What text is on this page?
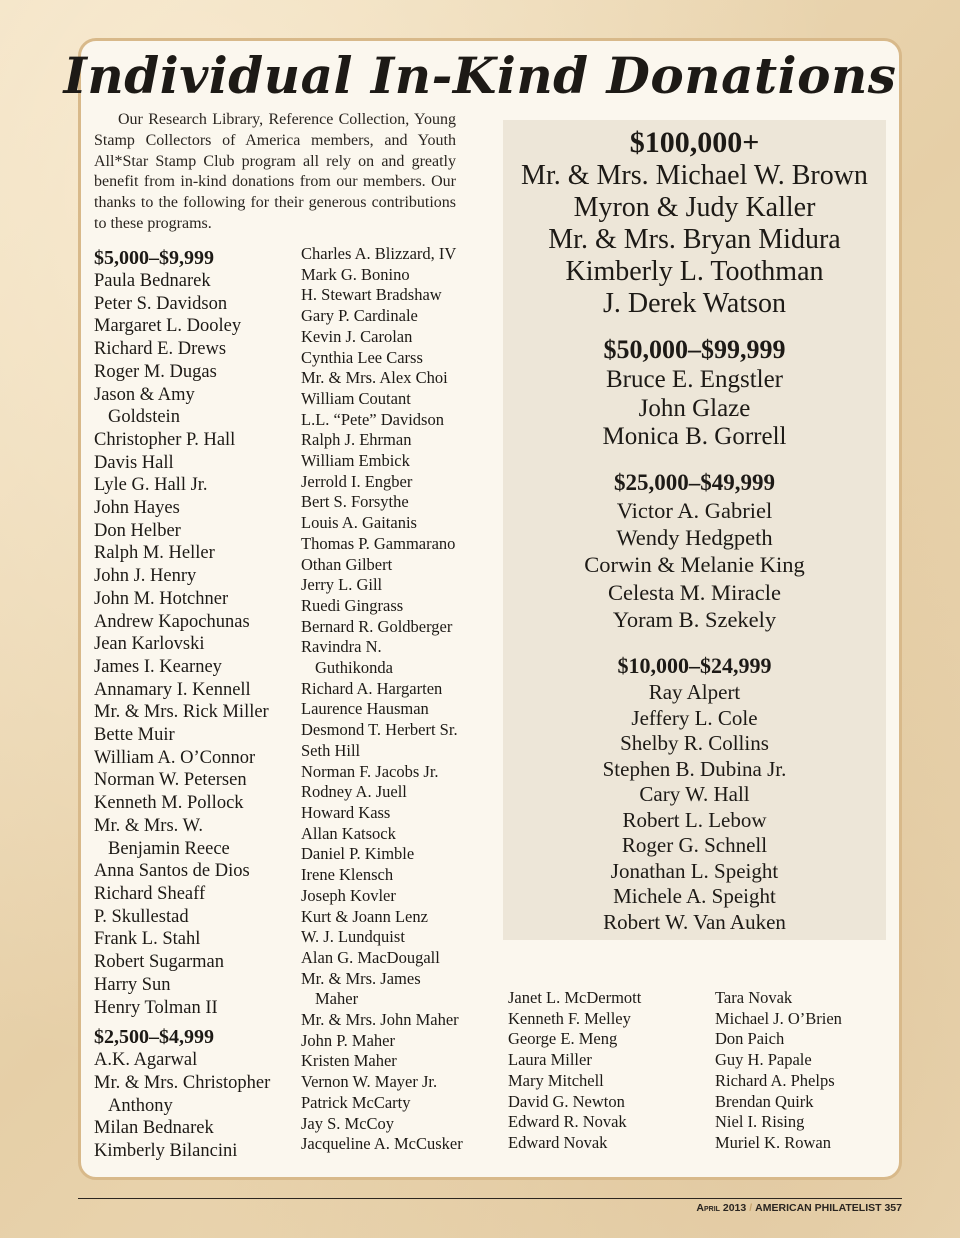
Individual In-Kind Donations

Our Research Library, Reference Collection, Young Stamp Collectors of America members, and Youth All*Star Stamp Club program all rely on and greatly benefit from in-kind donations from our members. Our thanks to the following for their generous contributions to these programs.

$5,000–$9,999
Paula Bednarek
Peter S. Davidson
Margaret L. Dooley
Richard E. Drews
Roger M. Dugas
Jason & Amy
Goldstein
Christopher P. Hall
Davis Hall
Lyle G. Hall Jr.
John Hayes
Don Helber
Ralph M. Heller
John J. Henry
John M. Hotchner
Andrew Kapochunas
Jean Karlovski
James I. Kearney
Annamary I. Kennell
Mr. & Mrs. Rick Miller
Bette Muir
William A. O’Connor
Norman W. Petersen
Kenneth M. Pollock
Mr. & Mrs. W.
Benjamin Reece
Anna Santos de Dios
Richard Sheaff
P. Skullestad
Frank L. Stahl
Robert Sugarman
Harry Sun
Henry Tolman II
$2,500–$4,999
A.K. Agarwal
Mr. & Mrs. Christopher
Anthony
Milan Bednarek
Kimberly Bilancini
Charles A. Blizzard, IV
Mark G. Bonino
H. Stewart Bradshaw
Gary P. Cardinale
Kevin J. Carolan
Cynthia Lee Carss
Mr. & Mrs. Alex Choi
William Coutant
L.L. “Pete” Davidson
Ralph J. Ehrman
William Embick
Jerrold I. Engber
Bert S. Forsythe
Louis A. Gaitanis
Thomas P. Gammarano
Othan Gilbert
Jerry L. Gill
Ruedi Gingrass
Bernard R. Goldberger
Ravindra N.
Guthikonda
Richard A. Hargarten
Laurence Hausman
Desmond T. Herbert Sr.
Seth Hill
Norman F. Jacobs Jr.
Rodney A. Juell
Howard Kass
Allan Katsock
Daniel P. Kimble
Irene Klensch
Joseph Kovler
Kurt & Joann Lenz
W. J. Lundquist
Alan G. MacDougall
Mr. & Mrs. James
Maher
Mr. & Mrs. John Maher
John P. Maher
Kristen Maher
Vernon W. Mayer Jr.
Patrick McCarty
Jay S. McCoy
Jacqueline A. McCusker
$100,000+
Mr. & Mrs. Michael W. Brown
Myron & Judy Kaller
Mr. & Mrs. Bryan Midura
Kimberly L. Toothman
J. Derek Watson
$50,000–$99,999
Bruce E. Engstler
John Glaze
Monica B. Gorrell
$25,000–$49,999
Victor A. Gabriel
Wendy Hedgpeth
Corwin & Melanie King
Celesta M. Miracle
Yoram B. Szekely
$10,000–$24,999
Ray Alpert
Jeffery L. Cole
Shelby R. Collins
Stephen B. Dubina Jr.
Cary W. Hall
Robert L. Lebow
Roger G. Schnell
Jonathan L. Speight
Michele A. Speight
Robert W. Van Auken
Janet L. McDermott
Kenneth F. Melley
George E. Meng
Laura Miller
Mary Mitchell
David G. Newton
Edward R. Novak
Edward Novak
Tara Novak
Michael J. O’Brien
Don Paich
Guy H. Papale
Richard A. Phelps
Brendan Quirk
Niel I. Rising
Muriel K. Rowan
April 2013 / AMERICAN PHILATELIST 357
